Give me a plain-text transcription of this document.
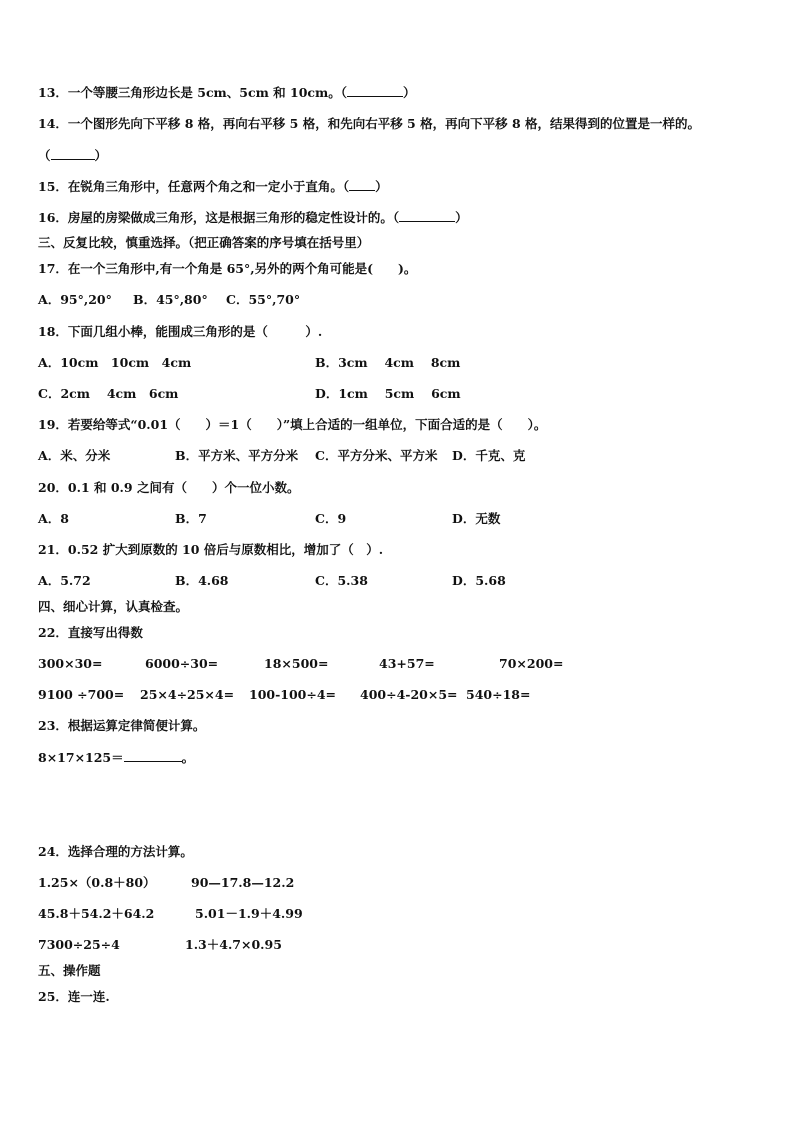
13．一个等腰三角形边长是 5cm、5cm 和 10cm。（	）
14．一个图形先向下平移 8 格，再向右平移 5 格，和先向右平移 5 格，再向下平移 8 格，结果得到的位置是一样的。
（	）
15．在锐角三角形中，任意两个角之和一定小于直角。（ ）
16．房屋的房梁做成三角形，这是根据三角形的稳定性设计的。（	）
三、反复比较，慎重选择。（把正确答案的序号填在括号里）
17．在一个三角形中,有一个角是 65°,另外的两个角可能是(　　)。
A．95°,20° B．45°,80° C．55°,70°
18．下面几组小棒，能围成三角形的是（　　　）.
A．10cm　10cm　4cm	B．3cm　 4cm　 8cm
C．2cm　 4cm　6cm	D．1cm　 5cm　 6cm
19．若要给等式“0.01（　　）＝1（　　）”填上合适的一组单位，下面合适的是（　　）。
A．米、分米	B．平方米、平方分米 C．平方分米、平方米 D．千克、克
20．0.1 和 0.9 之间有（　　）个一位小数。
A．8	B．7	C．9	D．无数
21．0.52 扩大到原数的 10 倍后与原数相比，增加了（　）.
A．5.72	B．4.68	C．5.38	D．5.68
四、细心计算，认真检查。
22．直接写出得数
300×30=	6000÷30=	18×500=	43+57=	70×200=
9100 ÷700= 25×4÷25×4= 100-100÷4= 400÷4-20×5= 540÷18=
23．根据运算定律简便计算。
8×17×125＝	。
24．选择合理的方法计算。
1.25×（0.8＋80）	90—17.8—12.2
45.8＋54.2＋64.2	5.01－1.9＋4.99
7300÷25÷4	1.3＋4.7×0.95
五、操作题
25．连一连.
